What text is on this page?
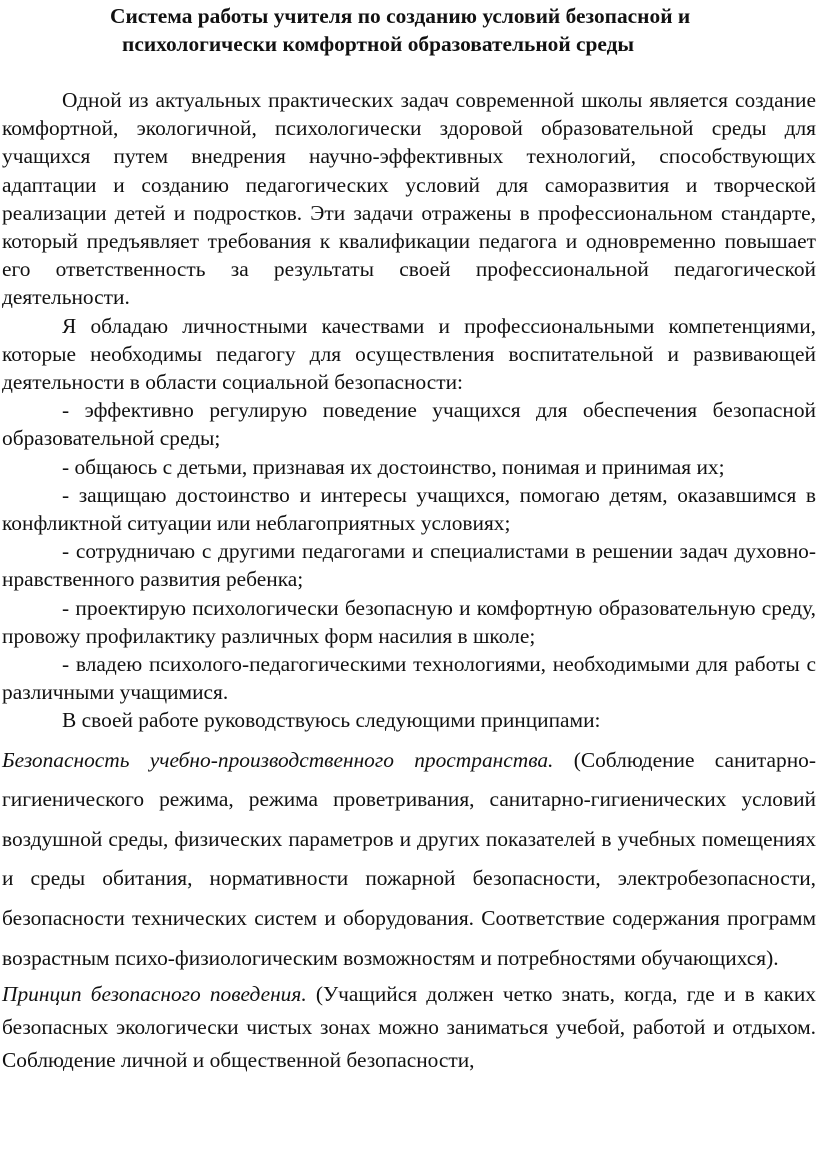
Система работы учителя по созданию условий безопасной и
психологически комфортной образовательной среды

Одной из актуальных практических задач современной школы является создание комфортной, экологичной, психологически здоровой образовательной среды для учащихся путем внедрения научно-эффективных технологий, способствующих адаптации и созданию педагогических условий для саморазвития и творческой реализации детей и подростков. Эти задачи отражены в профессиональном стандарте, который предъявляет требования к квалификации педагога и одновременно повышает его ответственность за результаты своей профессиональной педагогической деятельности.

Я обладаю личностными качествами и профессиональными компетенциями, которые необходимы педагогу для осуществления воспитательной и развивающей деятельности в области социальной безопасности:

- эффективно регулирую поведение учащихся для обеспечения безопасной образовательной среды;

- общаюсь с детьми, признавая их достоинство, понимая и принимая их;

- защищаю достоинство и интересы учащихся, помогаю детям, оказавшимся в конфликтной ситуации или неблагоприятных условиях;

- сотрудничаю с другими педагогами и специалистами в решении задач духовно-нравственного развития ребенка;

- проектирую психологически безопасную и комфортную образовательную среду, провожу профилактику различных форм насилия в школе;

- владею психолого-педагогическими технологиями, необходимыми для работы с различными учащимися.

В своей работе руководствуюсь следующими принципами:

Безопасность учебно-производственного пространства. (Соблюдение санитарно-гигиенического режима, режима проветривания, санитарно-гигиенических условий воздушной среды, физических параметров и других показателей в учебных помещениях и среды обитания, нормативности пожарной безопасности, электробезопасности, безопасности технических систем и оборудования. Соответствие содержания программ возрастным психо-физиологическим возможностям и потребностями обучающихся).

Принцип безопасного поведения. (Учащийся должен четко знать, когда, где и в каких безопасных экологически чистых зонах можно заниматься учебой, работой и отдыхом. Соблюдение личной и общественной безопасности,
